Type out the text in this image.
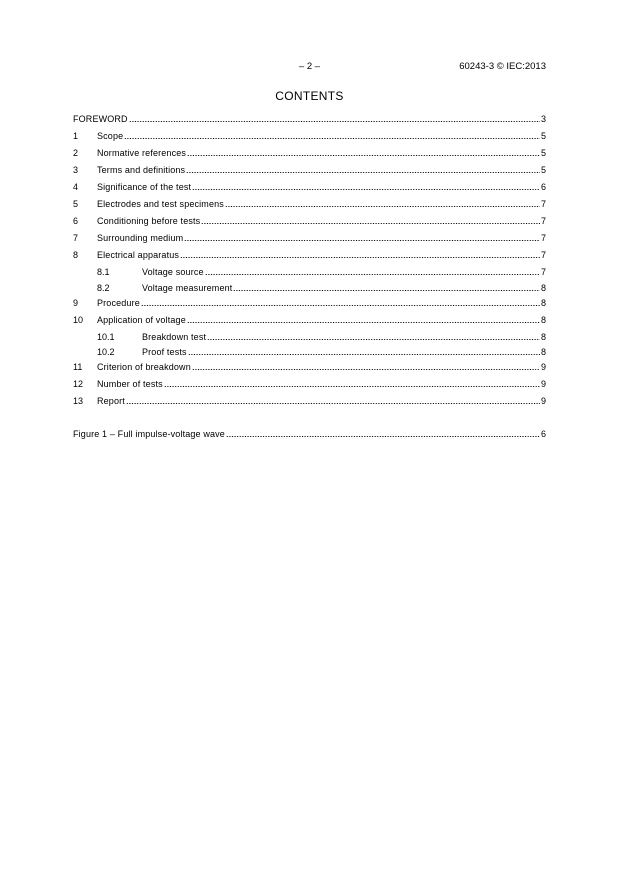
– 2 –	60243-3 © IEC:2013
CONTENTS
FOREWORD	3
1	Scope	5
2	Normative references	5
3	Terms and definitions	5
4	Significance of the test	6
5	Electrodes and test specimens	7
6	Conditioning before tests	7
7	Surrounding medium	7
8	Electrical apparatus	7
8.1	Voltage source	7
8.2	Voltage measurement	8
9	Procedure	8
10	Application of voltage	8
10.1	Breakdown test	8
10.2	Proof tests	8
11	Criterion of breakdown	9
12	Number of tests	9
13	Report	9
Figure 1 – Full impulse-voltage wave	6
